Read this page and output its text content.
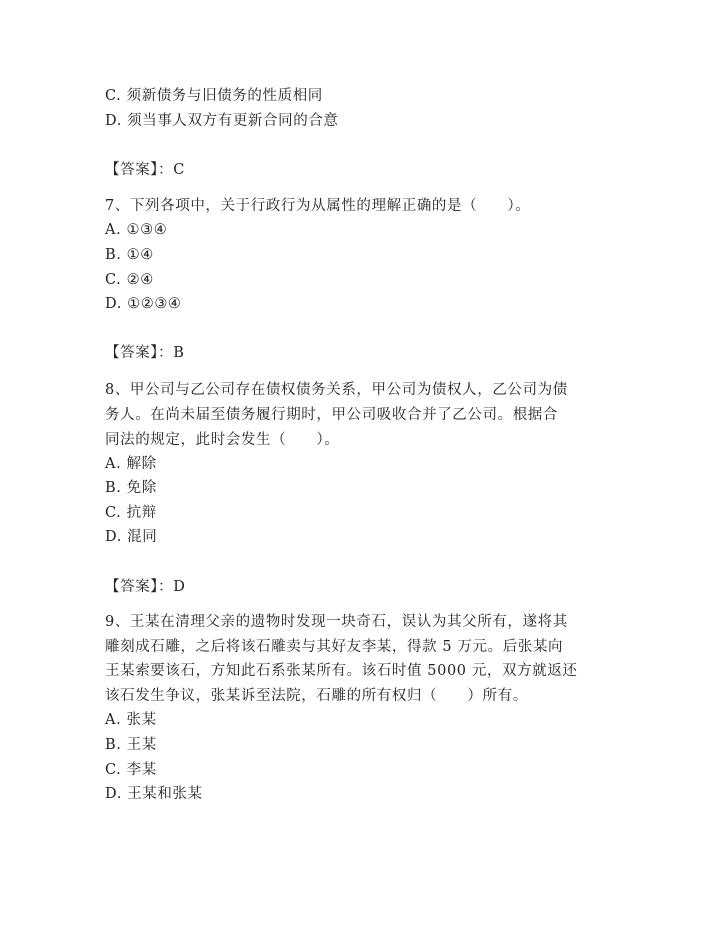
C. 须新债务与旧债务的性质相同
D. 须当事人双方有更新合同的合意
【答案】：C
7、下列各项中，关于行政行为从属性的理解正确的是（　　）。
A. ①③④
B. ①④
C. ②④
D. ①②③④
【答案】：B
8、甲公司与乙公司存在债权债务关系，甲公司为债权人，乙公司为债
务人。在尚未届至债务履行期时，甲公司吸收合并了乙公司。根据合
同法的规定，此时会发生（　　）。
A. 解除
B. 免除
C. 抗辩
D. 混同
【答案】：D
9、王某在清理父亲的遗物时发现一块奇石，误认为其父所有，遂将其
雕刻成石雕，之后将该石雕卖与其好友李某，得款 5 万元。后张某向
王某索要该石，方知此石系张某所有。该石时值 5000 元，双方就返还
该石发生争议，张某诉至法院，石雕的所有权归（　　）所有。
A. 张某
B. 王某
C. 李某
D. 王某和张某
